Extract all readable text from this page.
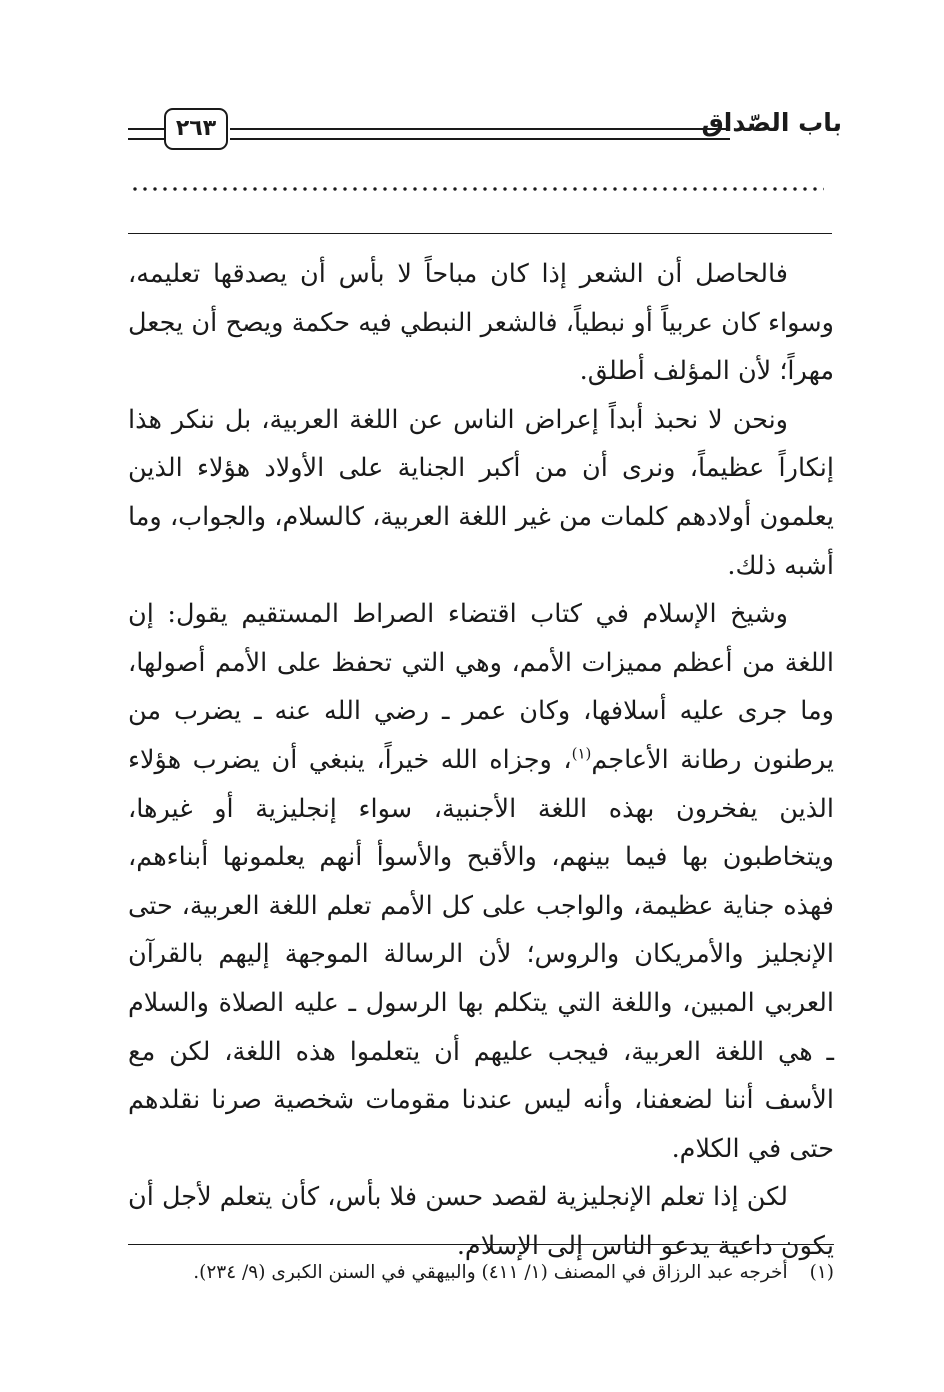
باب الصّداق
٢٦٣

فالحاصل أن الشعر إذا كان مباحاً لا بأس أن يصدقها تعليمه، وسواء كان عربياً أو نبطياً، فالشعر النبطي فيه حكمة ويصح أن يجعل مهراً؛ لأن المؤلف أطلق.

ونحن لا نحبذ أبداً إعراض الناس عن اللغة العربية، بل ننكر هذا إنكاراً عظيماً، ونرى أن من أكبر الجناية على الأولاد هؤلاء الذين يعلمون أولادهم كلمات من غير اللغة العربية، كالسلام، والجواب، وما أشبه ذلك.

وشيخ الإسلام في كتاب اقتضاء الصراط المستقيم يقول: إن اللغة من أعظم مميزات الأمم، وهي التي تحفظ على الأمم أصولها، وما جرى عليه أسلافها، وكان عمر ـ رضي الله عنه ـ يضرب من يرطنون رطانة الأعاجم$^{(١)}$، وجزاه الله خيراً، ينبغي أن يضرب هؤلاء الذين يفخرون بهذه اللغة الأجنبية، سواء إنجليزية أو غيرها، ويتخاطبون بها فيما بينهم، والأقبح والأسوأ أنهم يعلمونها أبناءهم، فهذه جناية عظيمة، والواجب على كل الأمم تعلم اللغة العربية، حتى الإنجليز والأمريكان والروس؛ لأن الرسالة الموجهة إليهم بالقرآن العربي المبين، واللغة التي يتكلم بها الرسول ـ عليه الصلاة والسلام ـ هي اللغة العربية، فيجب عليهم أن يتعلموا هذه اللغة، لكن مع الأسف أننا لضعفنا، وأنه ليس عندنا مقومات شخصية صرنا نقلدهم حتى في الكلام.

لكن إذا تعلم الإنجليزية لقصد حسن فلا بأس، كأن يتعلم لأجل أن يكون داعية يدعو الناس إلى الإسلام.

(١)أخرجه عبد الرزاق في المصنف (١/ ٤١١) والبيهقي في السنن الكبرى (٩/ ٢٣٤).
